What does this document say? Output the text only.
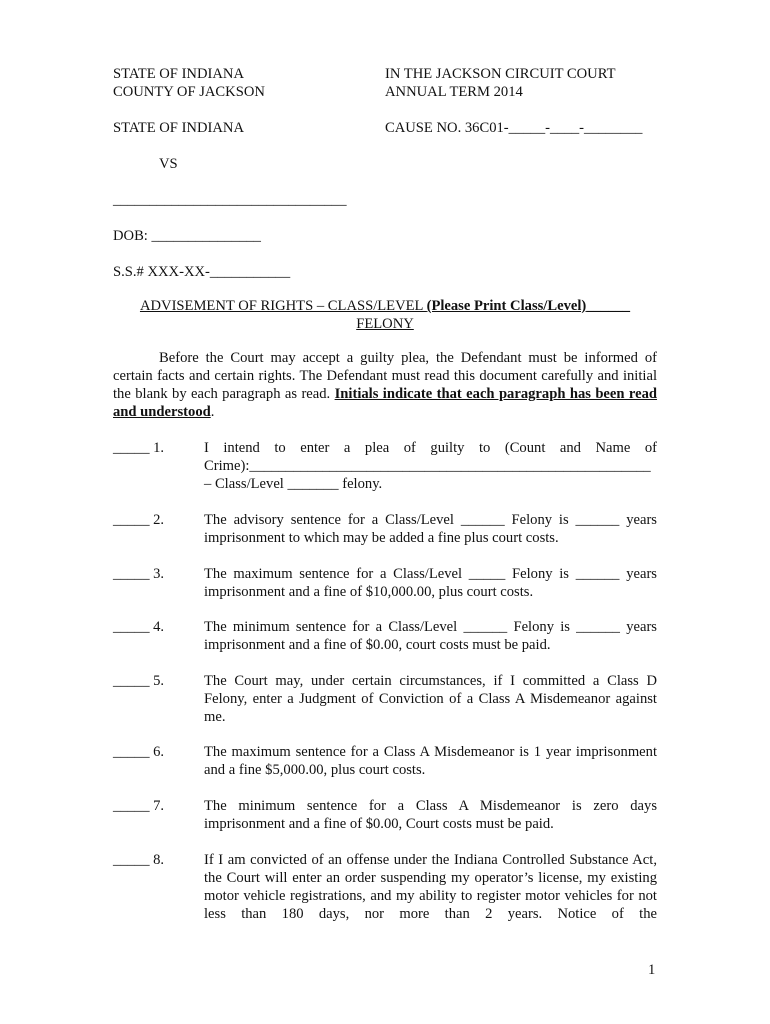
STATE OF INDIANA
COUNTY OF JACKSON
IN THE JACKSON CIRCUIT COURT
ANNUAL TERM 2014
STATE OF INDIANA	CAUSE NO. 36C01-_____-____-________
VS
________________________________
DOB: _______________
S.S.# XXX-XX-___________
ADVISEMENT OF RIGHTS – CLASS/LEVEL (Please Print Class/Level)______
FELONY
Before the Court may accept a guilty plea, the Defendant must be informed of certain facts and certain rights. The Defendant must read this document carefully and initial the blank by each paragraph as read. Initials indicate that each paragraph has been read and understood.
_____ 1.	I intend to enter a plea of guilty to (Count and Name of Crime):_______________________________________________________ – Class/Level _______ felony.
_____ 2.	The advisory sentence for a Class/Level ______ Felony is ______ years imprisonment to which may be added a fine plus court costs.
_____ 3.	The maximum sentence for a Class/Level _____ Felony is ______ years imprisonment and a fine of $10,000.00, plus court costs.
_____ 4.	The minimum sentence for a Class/Level ______ Felony is ______ years imprisonment and a fine of $0.00, court costs must be paid.
_____ 5.	The Court may, under certain circumstances, if I committed a Class D Felony, enter a Judgment of Conviction of a Class A Misdemeanor against me.
_____ 6.	The maximum sentence for a Class A Misdemeanor is 1 year imprisonment and a fine $5,000.00, plus court costs.
_____ 7.	The minimum sentence for a Class A Misdemeanor is zero days imprisonment and a fine of $0.00, Court costs must be paid.
_____ 8.	If I am convicted of an offense under the Indiana Controlled Substance Act, the Court will enter an order suspending my operator’s license, my existing motor vehicle registrations, and my ability to register motor vehicles for not less than 180 days, nor more than 2 years. Notice of the
1
